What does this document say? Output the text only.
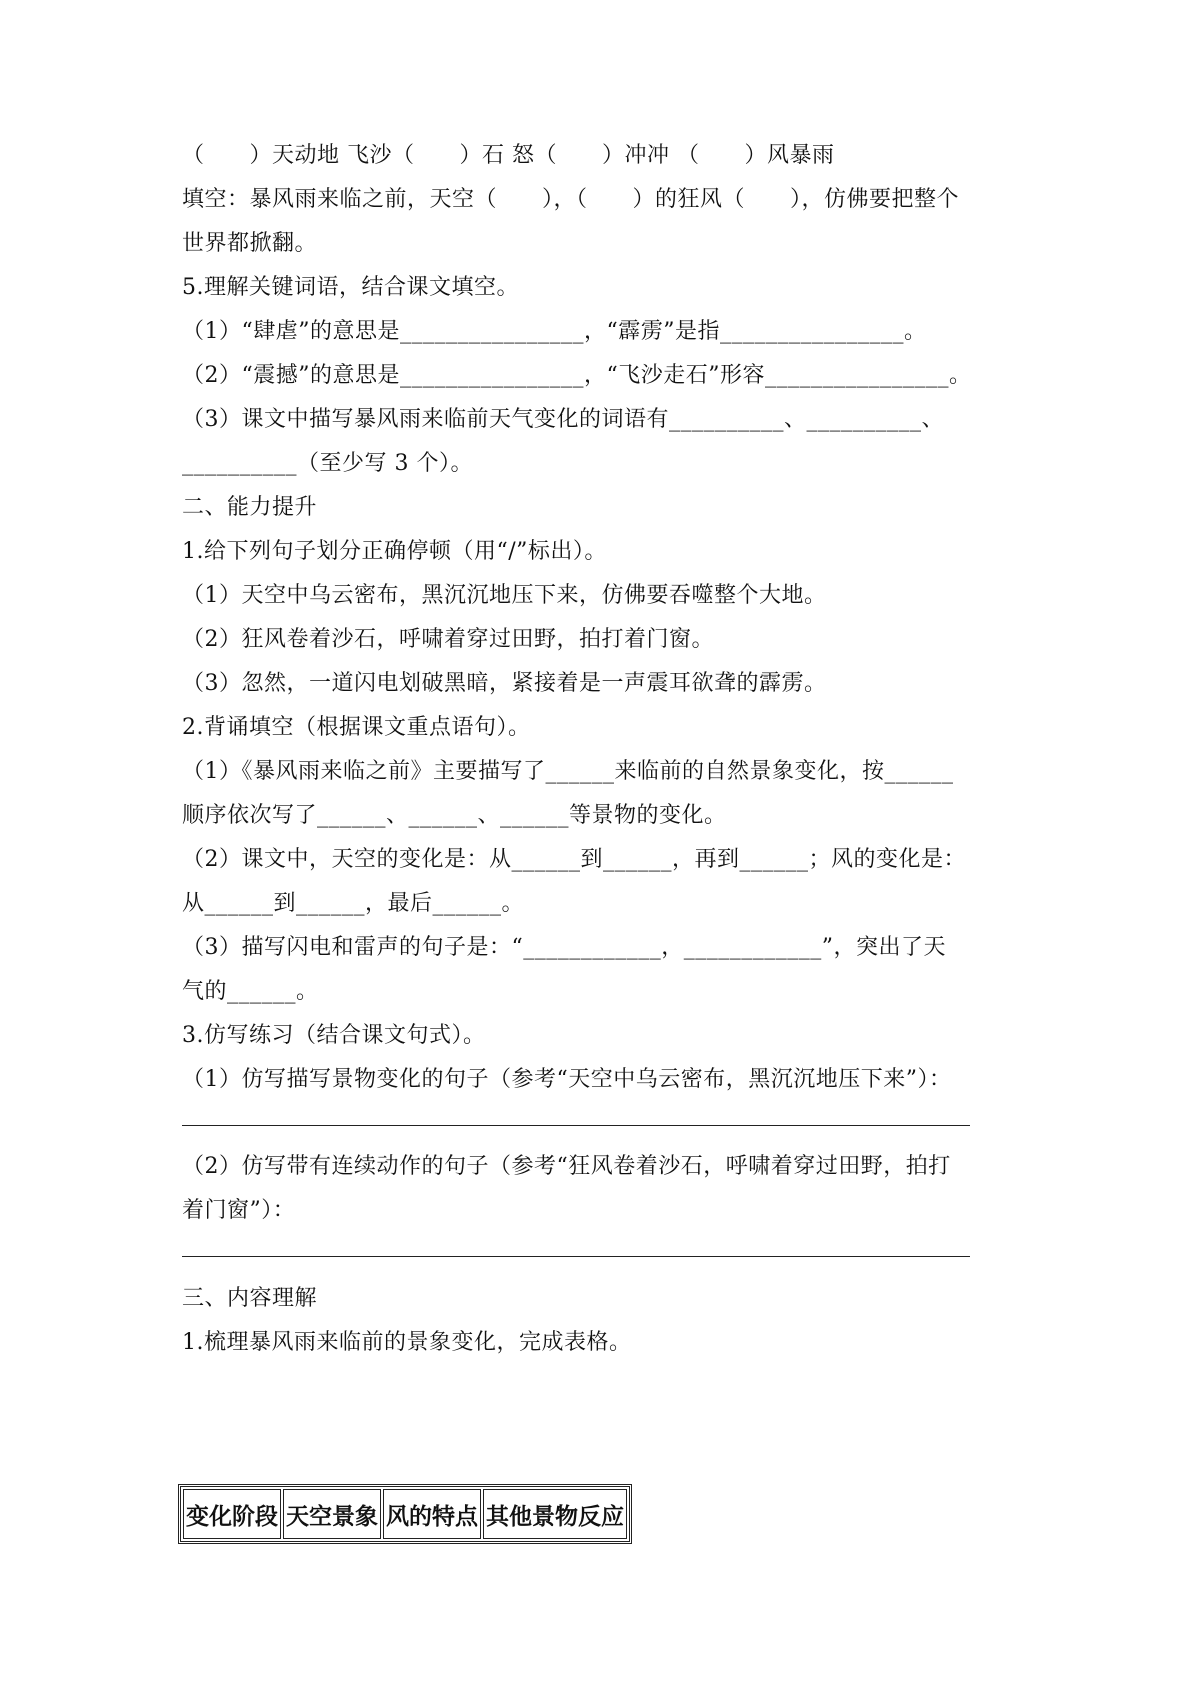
（　　）天动地 飞沙（　　）石 怒（　　）冲冲 （　　）风暴雨
填空：暴风雨来临之前，天空（　　），（　　）的狂风（　　），仿佛要把整个
世界都掀翻。
5.理解关键词语，结合课文填空。
（1）“肆虐”的意思是________________，“霹雳”是指________________。
（2）“震撼”的意思是________________，“飞沙走石”形容________________。
（3）课文中描写暴风雨来临前天气变化的词语有__________、__________、
__________（至少写 3 个）。
二、能力提升
1.给下列句子划分正确停顿（用“/”标出）。
（1）天空中乌云密布，黑沉沉地压下来，仿佛要吞噬整个大地。
（2）狂风卷着沙石，呼啸着穿过田野，拍打着门窗。
（3）忽然，一道闪电划破黑暗，紧接着是一声震耳欲聋的霹雳。
2.背诵填空（根据课文重点语句）。
（1）《暴风雨来临之前》主要描写了______来临前的自然景象变化，按______
顺序依次写了______、______、______等景物的变化。
（2）课文中，天空的变化是：从______到______，再到______；风的变化是：
从______到______，最后______。
（3）描写闪电和雷声的句子是：“____________，____________”，突出了天
气的______。
3.仿写练习（结合课文句式）。
（1）仿写描写景物变化的句子（参考“天空中乌云密布，黑沉沉地压下来”）：
（2）仿写带有连续动作的句子（参考“狂风卷着沙石，呼啸着穿过田野，拍打
着门窗”）：
三、内容理解
1.梳理暴风雨来临前的景象变化，完成表格。
变化阶段	天空景象	风的特点	其他景物反应
